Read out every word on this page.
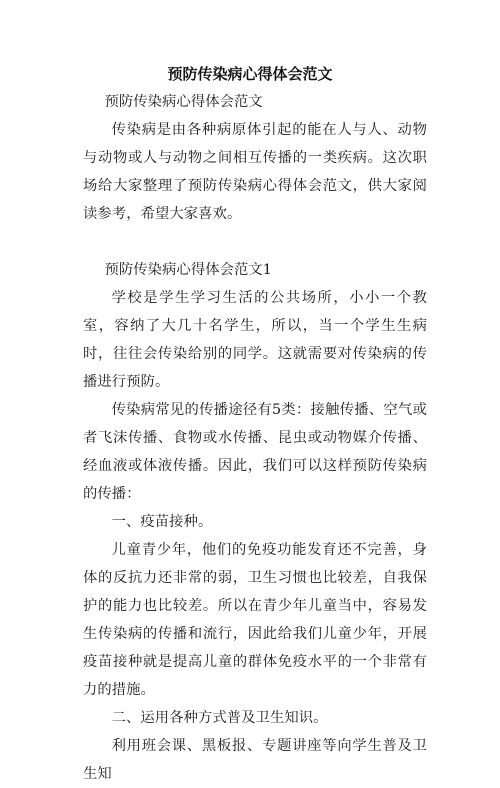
预防传染病心得体会范文

预防传染病心得体会范文

传染病是由各种病原体引起的能在人与人、动物与动物或人与动物之间相互传播的一类疾病。这次职场给大家整理了预防传染病心得体会范文，供大家阅读参考，希望大家喜欢。

预防传染病心得体会范文1

学校是学生学习生活的公共场所，小小一个教室，容纳了大几十名学生，所以，当一个学生生病时，往往会传染给别的同学。这就需要对传染病的传播进行预防。

传染病常见的传播途径有5类：接触传播、空气或者飞沫传播、食物或水传播、昆虫或动物媒介传播、经血液或体液传播。因此，我们可以这样预防传染病的传播：

一、疫苗接种。

儿童青少年，他们的免疫功能发育还不完善，身体的反抗力还非常的弱，卫生习惯也比较差，自我保护的能力也比较差。所以在青少年儿童当中，容易发生传染病的传播和流行，因此给我们儿童少年，开展疫苗接种就是提高儿童的群体免疫水平的一个非常有力的措施。

二、运用各种方式普及卫生知识。

利用班会课、黑板报、专题讲座等向学生普及卫生知
